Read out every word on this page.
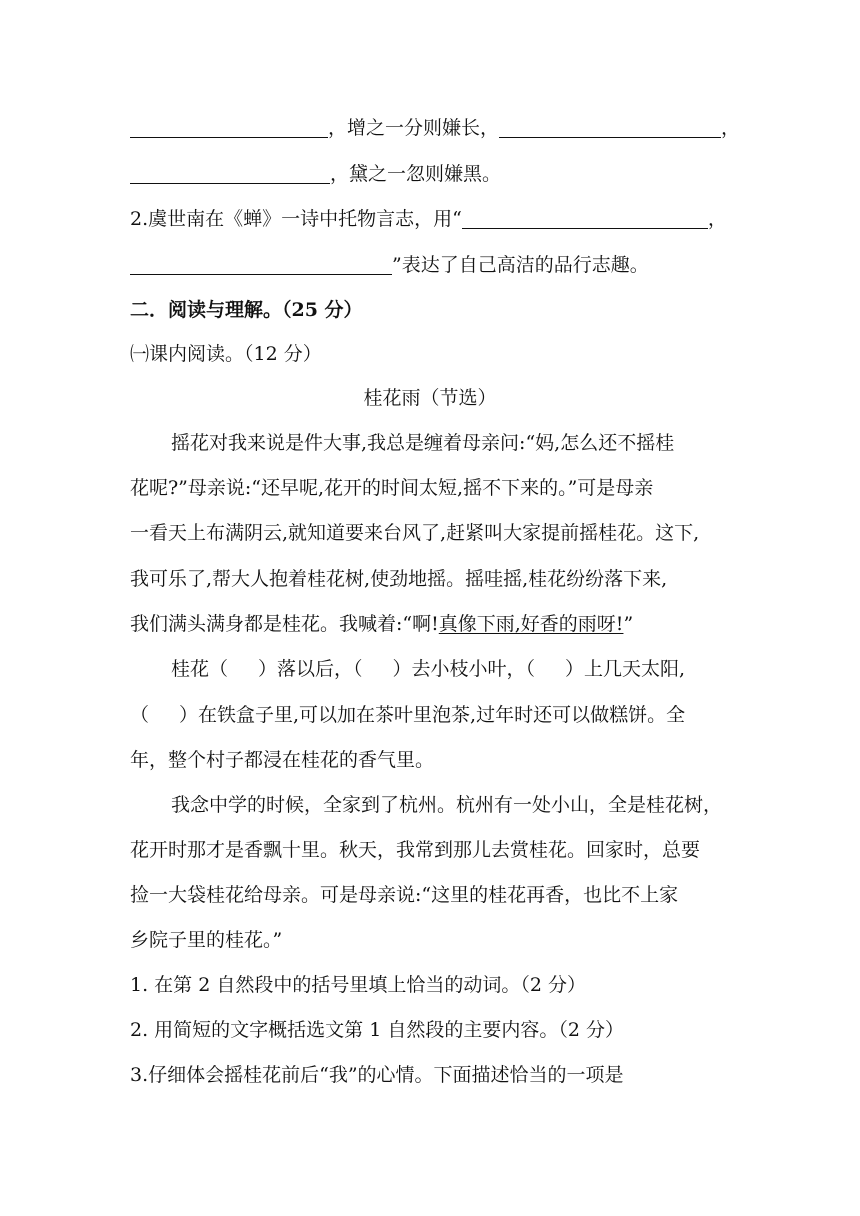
，增之一分则嫌长，	，
，黛之一忽则嫌黑。
2.虞世南在《蝉》一诗中托物言志，用“	，
”表达了自己高洁的品行志趣。
二．阅读与理解。（25 分）
㈠课内阅读。（12 分）
桂花雨（节选）
摇花对我来说是件大事,我总是缠着母亲问:“妈,怎么还不摇桂
花呢?”母亲说:“还早呢,花开的时间太短,摇不下来的。”可是母亲
一看天上布满阴云,就知道要来台风了,赶紧叫大家提前摇桂花。这下,
我可乐了,帮大人抱着桂花树,使劲地摇。摇哇摇,桂花纷纷落下来,
我们满头满身都是桂花。我喊着:“啊!真像下雨,好香的雨呀!”
桂花（ ）落以后，（ ）去小枝小叶，（ ）上几天太阳,
（ ）在铁盒子里,可以加在茶叶里泡茶,过年时还可以做糕饼。全
年，整个村子都浸在桂花的香气里。
我念中学的时候，全家到了杭州。杭州有一处小山，全是桂花树，
花开时那才是香飘十里。秋天，我常到那儿去赏桂花。回家时，总要
捡一大袋桂花给母亲。可是母亲说:“这里的桂花再香，也比不上家
乡院子里的桂花。”
1. 在第 2 自然段中的括号里填上恰当的动词。（2 分）
2. 用简短的文字概括选文第 1 自然段的主要内容。（2 分）
3.仔细体会摇桂花前后“我”的心情。下面描述恰当的一项是
